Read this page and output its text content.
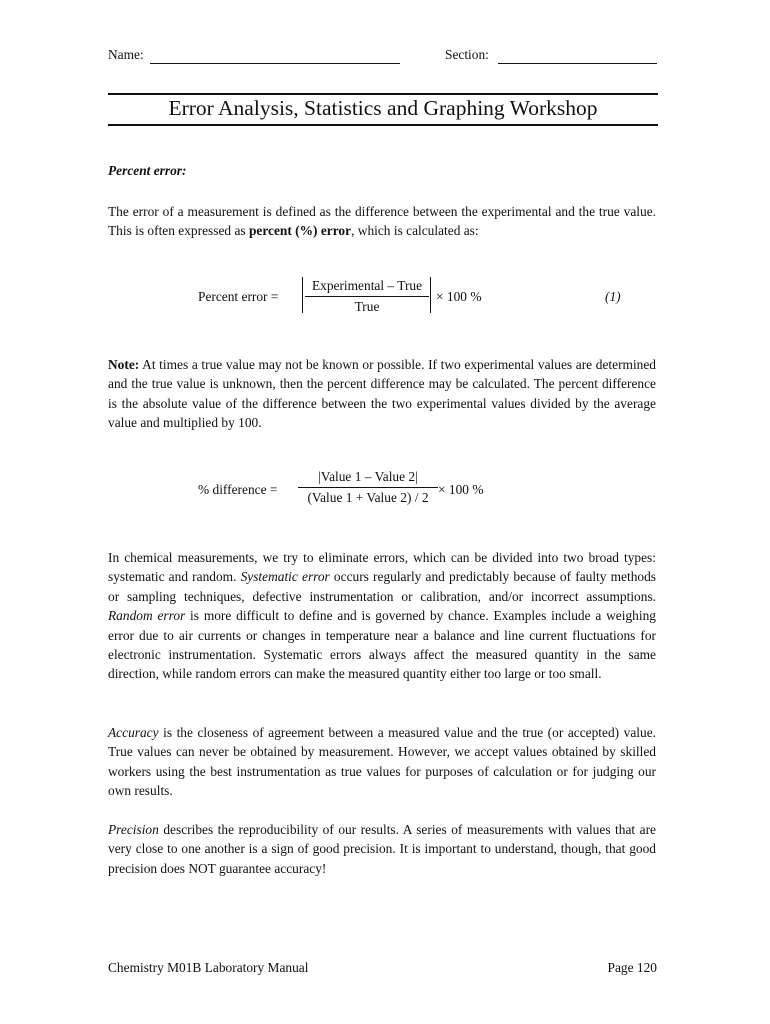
Name:	Section:
Error Analysis, Statistics and Graphing Workshop
Percent error:
The error of a measurement is defined as the difference between the experimental and the true value. This is often expressed as percent (%) error, which is calculated as:
Percent error =
Experimental – True
True
× 100 %	(1)
Note: At times a true value may not be known or possible. If two experimental values are determined and the true value is unknown, then the percent difference may be calculated. The percent difference is the absolute value of the difference between the two experimental values divided by the average value and multiplied by 100.
% difference =
|Value 1 – Value 2|
(Value 1 + Value 2) / 2
× 100 %
In chemical measurements, we try to eliminate errors, which can be divided into two broad types: systematic and random. Systematic error occurs regularly and predictably because of faulty methods or sampling techniques, defective instrumentation or calibration, and/or incorrect assumptions. Random error is more difficult to define and is governed by chance. Examples include a weighing error due to air currents or changes in temperature near a balance and line current fluctuations for electronic instrumentation. Systematic errors always affect the measured quantity in the same direction, while random errors can make the measured quantity either too large or too small.
Accuracy is the closeness of agreement between a measured value and the true (or accepted) value. True values can never be obtained by measurement. However, we accept values obtained by skilled workers using the best instrumentation as true values for purposes of calculation or for judging our own results.
Precision describes the reproducibility of our results. A series of measurements with values that are very close to one another is a sign of good precision. It is important to understand, though, that good precision does NOT guarantee accuracy!
Chemistry M01B Laboratory Manual	Page 120
